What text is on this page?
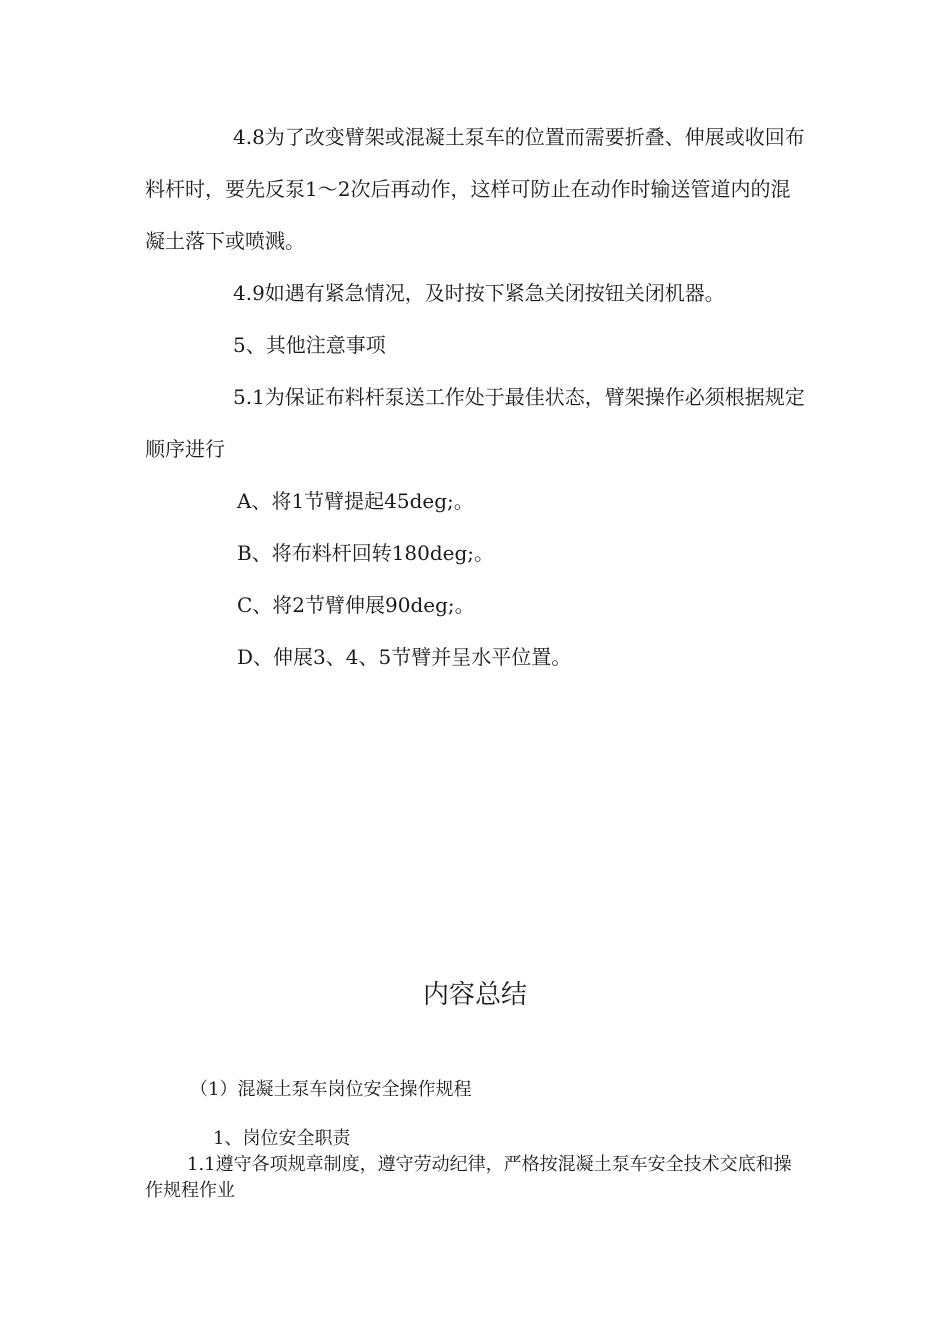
4.8为了改变臂架或混凝土泵车的位置而需要折叠、伸展或收回布料杆时，要先反泵1～2次后再动作，这样可防止在动作时输送管道内的混凝土落下或喷溅。

4.9如遇有紧急情况，及时按下紧急关闭按钮关闭机器。

5、其他注意事项

5.1为保证布料杆泵送工作处于最佳状态，臂架操作必须根据规定顺序进行

A、将1节臂提起45deg;。

B、将布料杆回转180deg;。

C、将2节臂伸展90deg;。

D、伸展3、4、5节臂并呈水平位置。

内容总结

（1）混凝土泵车岗位安全操作规程

1、岗位安全职责

1.1遵守各项规章制度，遵守劳动纪律，严格按混凝土泵车安全技术交底和操作规程作业
